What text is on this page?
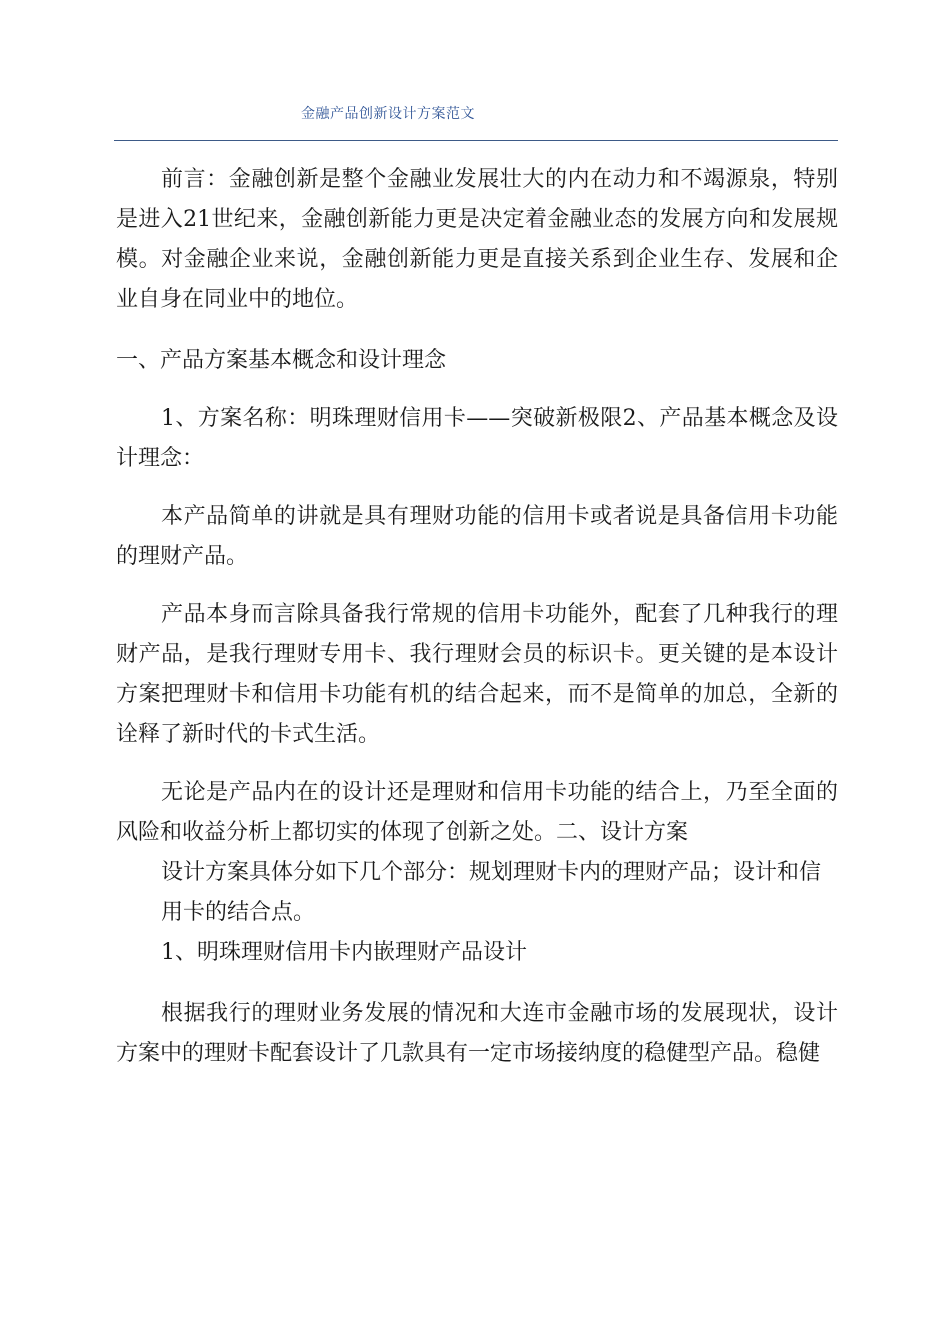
金融产品创新设计方案范文

前言：金融创新是整个金融业发展壮大的内在动力和不竭源泉，特别是进入21世纪来，金融创新能力更是决定着金融业态的发展方向和发展规模。对金融企业来说，金融创新能力更是直接关系到企业生存、发展和企业自身在同业中的地位。

一、产品方案基本概念和设计理念

1、方案名称：明珠理财信用卡——突破新极限2、产品基本概念及设计理念：

本产品简单的讲就是具有理财功能的信用卡或者说是具备信用卡功能的理财产品。

产品本身而言除具备我行常规的信用卡功能外，配套了几种我行的理财产品，是我行理财专用卡、我行理财会员的标识卡。更关键的是本设计方案把理财卡和信用卡功能有机的结合起来，而不是简单的加总，全新的诠释了新时代的卡式生活。

无论是产品内在的设计还是理财和信用卡功能的结合上，乃至全面的风险和收益分析上都切实的体现了创新之处。二、设计方案

设计方案具体分如下几个部分：规划理财卡内的理财产品；设计和信

用卡的结合点。

1、明珠理财信用卡内嵌理财产品设计

根据我行的理财业务发展的情况和大连市金融市场的发展现状，设计方案中的理财卡配套设计了几款具有一定市场接纳度的稳健型产品。稳健
